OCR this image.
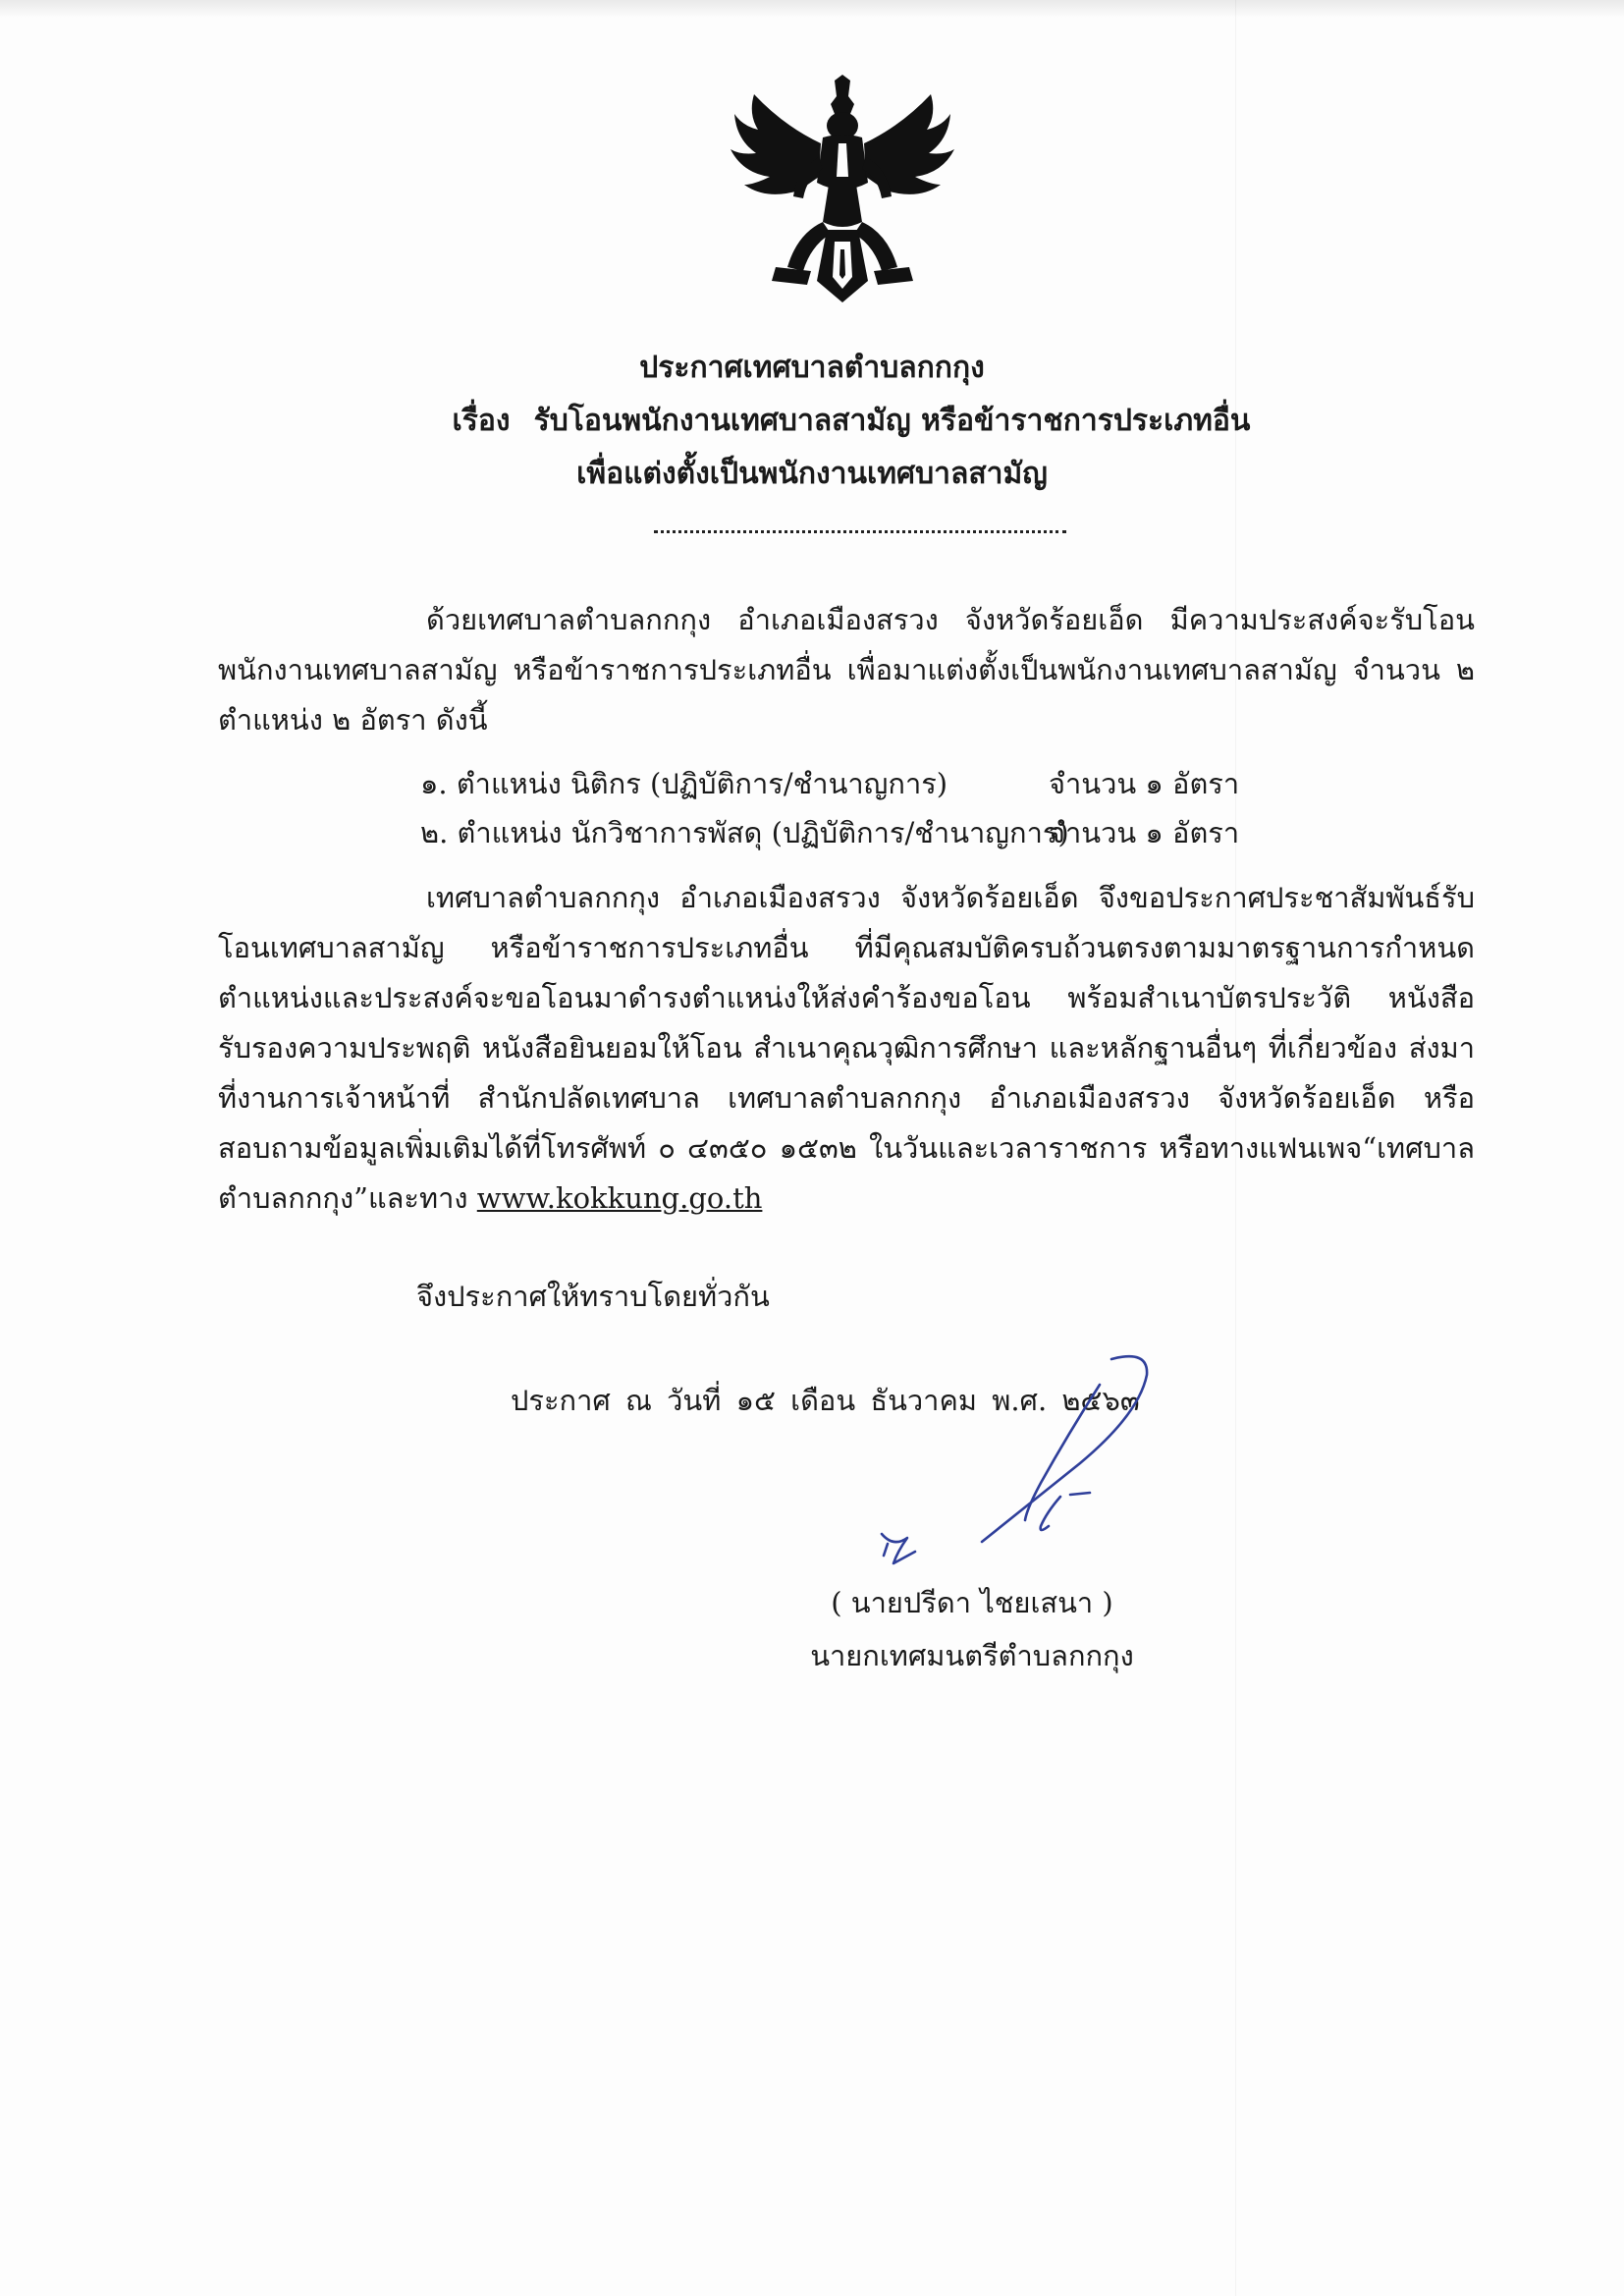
ประกาศเทศบาลตำบลกกกุง
เรื่อง รับโอนพนักงานเทศบาลสามัญ หรือข้าราชการประเภทอื่น
เพื่อแต่งตั้งเป็นพนักงานเทศบาลสามัญ
ด้วยเทศบาลตำบลกกกุง อำเภอเมืองสรวง จังหวัดร้อยเอ็ด มีความประสงค์จะรับโอนพนักงานเทศบาลสามัญ หรือข้าราชการประเภทอื่น เพื่อมาแต่งตั้งเป็นพนักงานเทศบาลสามัญ จำนวน ๒ ตำแหน่ง ๒ อัตรา ดังนี้
๑. ตำแหน่ง นิติกร (ปฏิบัติการ/ชำนาญการ)	จำนวน ๑ อัตรา
๒. ตำแหน่ง นักวิชาการพัสดุ (ปฏิบัติการ/ชำนาญการ)
จำนวน ๑ อัตรา
เทศบาลตำบลกกกุง อำเภอเมืองสรวง จังหวัดร้อยเอ็ด จึงขอประกาศประชาสัมพันธ์รับโอนเทศบาลสามัญ หรือข้าราชการประเภทอื่น ที่มีคุณสมบัติครบถ้วนตรงตามมาตรฐานการกำหนดตำแหน่งและประสงค์จะขอโอนมาดำรงตำแหน่งให้ส่งคำร้องขอโอน พร้อมสำเนาบัตรประวัติ หนังสือรับรองความประพฤติ หนังสือยินยอมให้โอน สำเนาคุณวุฒิการศึกษา และหลักฐานอื่นๆ ที่เกี่ยวข้อง ส่งมาที่งานการเจ้าหน้าที่ สำนักปลัดเทศบาล เทศบาลตำบลกกกุง อำเภอเมืองสรวง จังหวัดร้อยเอ็ด หรือสอบถามข้อมูลเพิ่มเติมได้ที่โทรศัพท์ ๐ ๔๓๕๐ ๑๕๓๒ ในวันและเวลาราชการ หรือทางแฟนเพจ“เทศบาลตำบลกกกุง”และทาง www.kokkung.go.th
จึงประกาศให้ทราบโดยทั่วกัน
ประกาศ ณ วันที่ ๑๕ เดือน ธันวาคม พ.ศ. ๒๕๖๓
( นายปรีดา ไชยเสนา )
นายกเทศมนตรีตำบลกกกุง
